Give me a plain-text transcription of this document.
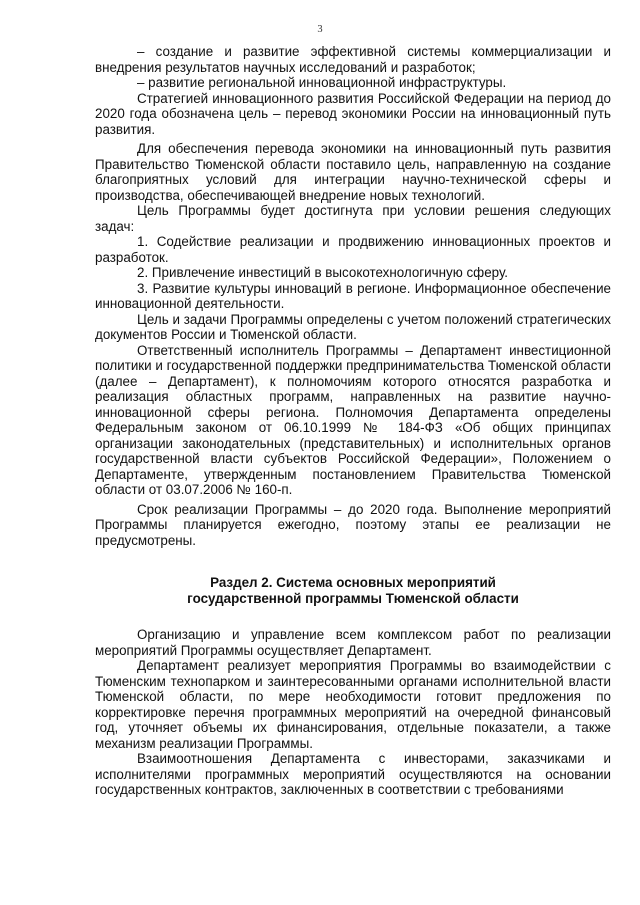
3

– создание и развитие эффективной системы коммерциализации и внедрения результатов научных исследований и разработок;

– развитие региональной инновационной инфраструктуры.

Стратегией инновационного развития Российской Федерации на период до 2020 года обозначена цель – перевод экономики России на инновационный путь развития.

Для обеспечения перевода экономики на инновационный путь развития Правительство Тюменской области поставило цель, направленную на создание благоприятных условий для интеграции научно-технической сферы и производства, обеспечивающей внедрение новых технологий.

Цель Программы будет достигнута при условии решения следующих задач:

1. Содействие реализации и продвижению инновационных проектов и разработок.

2. Привлечение инвестиций в высокотехнологичную сферу.

3. Развитие культуры инноваций в регионе. Информационное обеспечение инновационной деятельности.

Цель и задачи Программы определены с учетом положений стратегических документов России и Тюменской области.

Ответственный исполнитель Программы – Департамент инвестиционной политики и государственной поддержки предпринимательства Тюменской области (далее – Департамент), к полномочиям которого относятся разработка и реализация областных программ, направленных на развитие научно-инновационной сферы региона. Полномочия Департамента определены Федеральным законом от 06.10.1999 № 184-ФЗ «Об общих принципах организации законодательных (представительных) и исполнительных органов государственной власти субъектов Российской Федерации», Положением о Департаменте, утвержденным постановлением Правительства Тюменской области от 03.07.2006 № 160-п.

Срок реализации Программы – до 2020 года. Выполнение мероприятий Программы планируется ежегодно, поэтому этапы ее реализации не предусмотрены.

Раздел 2. Система основных мероприятий
государственной программы Тюменской области

Организацию и управление всем комплексом работ по реализации мероприятий Программы осуществляет Департамент.

Департамент реализует мероприятия Программы во взаимодействии с Тюменским технопарком и заинтересованными органами исполнительной власти Тюменской области, по мере необходимости готовит предложения по корректировке перечня программных мероприятий на очередной финансовый год, уточняет объемы их финансирования, отдельные показатели, а также механизм реализации Программы.

Взаимоотношения Департамента с инвесторами, заказчиками и исполнителями программных мероприятий осуществляются на основании государственных контрактов, заключенных в соответствии с требованиями
